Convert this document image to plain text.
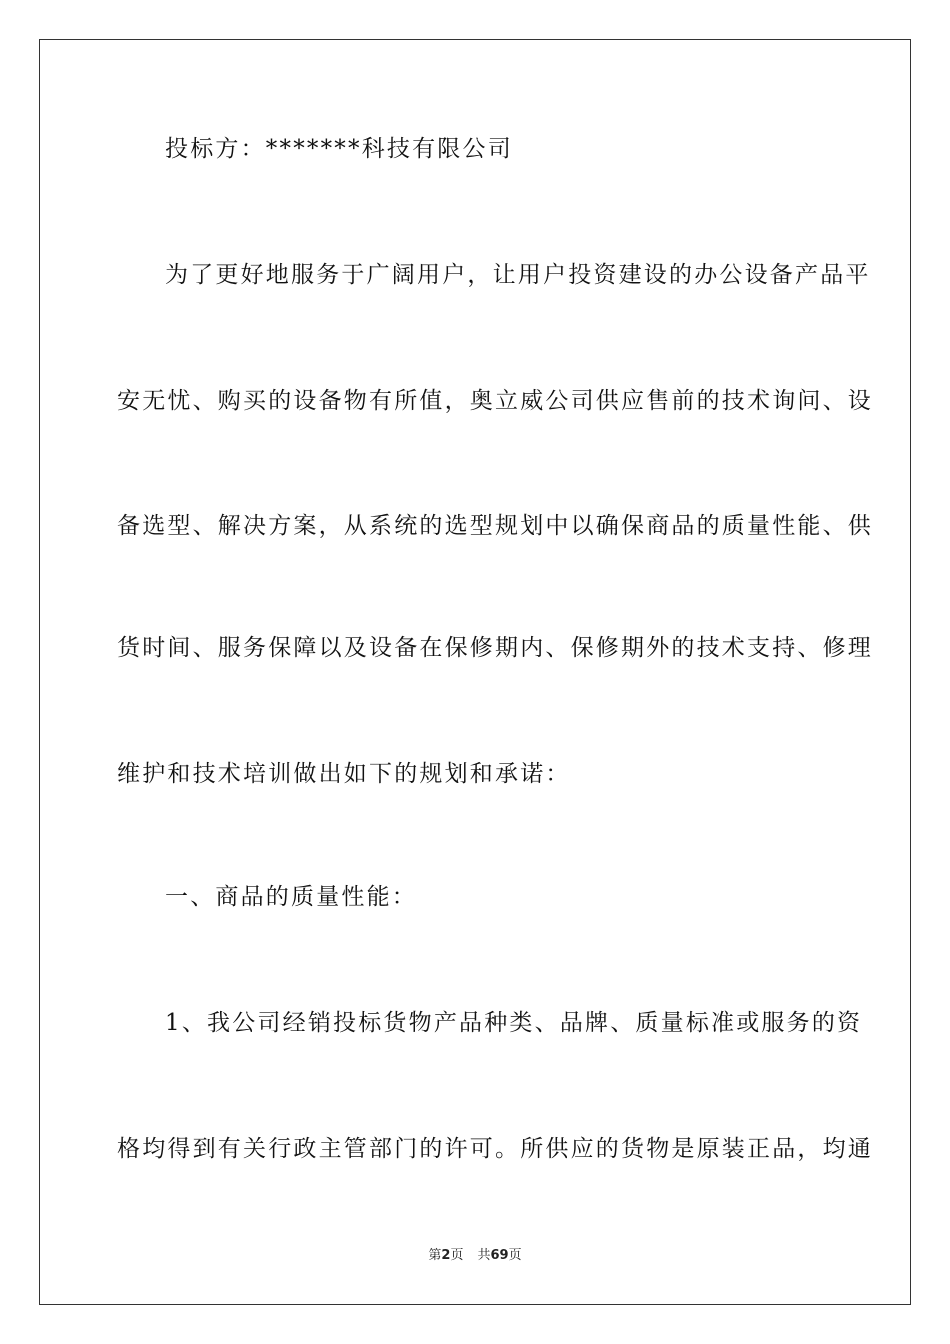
投标方：*******科技有限公司
为了更好地服务于广阔用户，让用户投资建设的办公设备产品平
安无忧、购买的设备物有所值，奥立威公司供应售前的技术询问、设
备选型、解决方案，从系统的选型规划中以确保商品的质量性能、供
货时间、服务保障以及设备在保修期内、保修期外的技术支持、修理
维护和技术培训做出如下的规划和承诺：
一、商品的质量性能：
1、我公司经销投标货物产品种类、品牌、质量标准或服务的资
格均得到有关行政主管部门的许可。所供应的货物是原装正品，均通
第2页 共69页
